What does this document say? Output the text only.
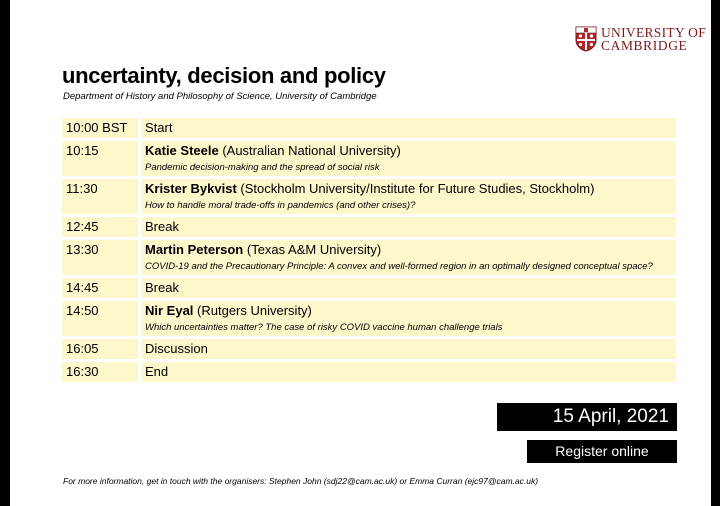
UNIVERSITY OF
CAMBRIDGE
uncertainty, decision and policy
Department of History and Philosophy of Science, University of Cambridge
10:00 BST	Start
10:15	Katie Steele (Australian National University)
Pandemic decision-making and the spread of social risk
11:30	Krister Bykvist (Stockholm University/Institute for Future Studies, Stockholm)
How to handle moral trade-offs in pandemics (and other crises)?
12:45	Break
13:30	Martin Peterson (Texas A&M University)
COVID-19 and the Precautionary Principle: A convex and well-formed region in an optimally designed conceptual space?
14:45	Break
14:50	Nir Eyal (Rutgers University)
Which uncertainties matter? The case of risky COVID vaccine human challenge trials
16:05	Discussion
16:30	End
15 April, 2021
Register online
For more information, get in touch with the organisers: Stephen John (sdj22@cam.ac.uk) or Emma Curran (ejc97@cam.ac.uk)
